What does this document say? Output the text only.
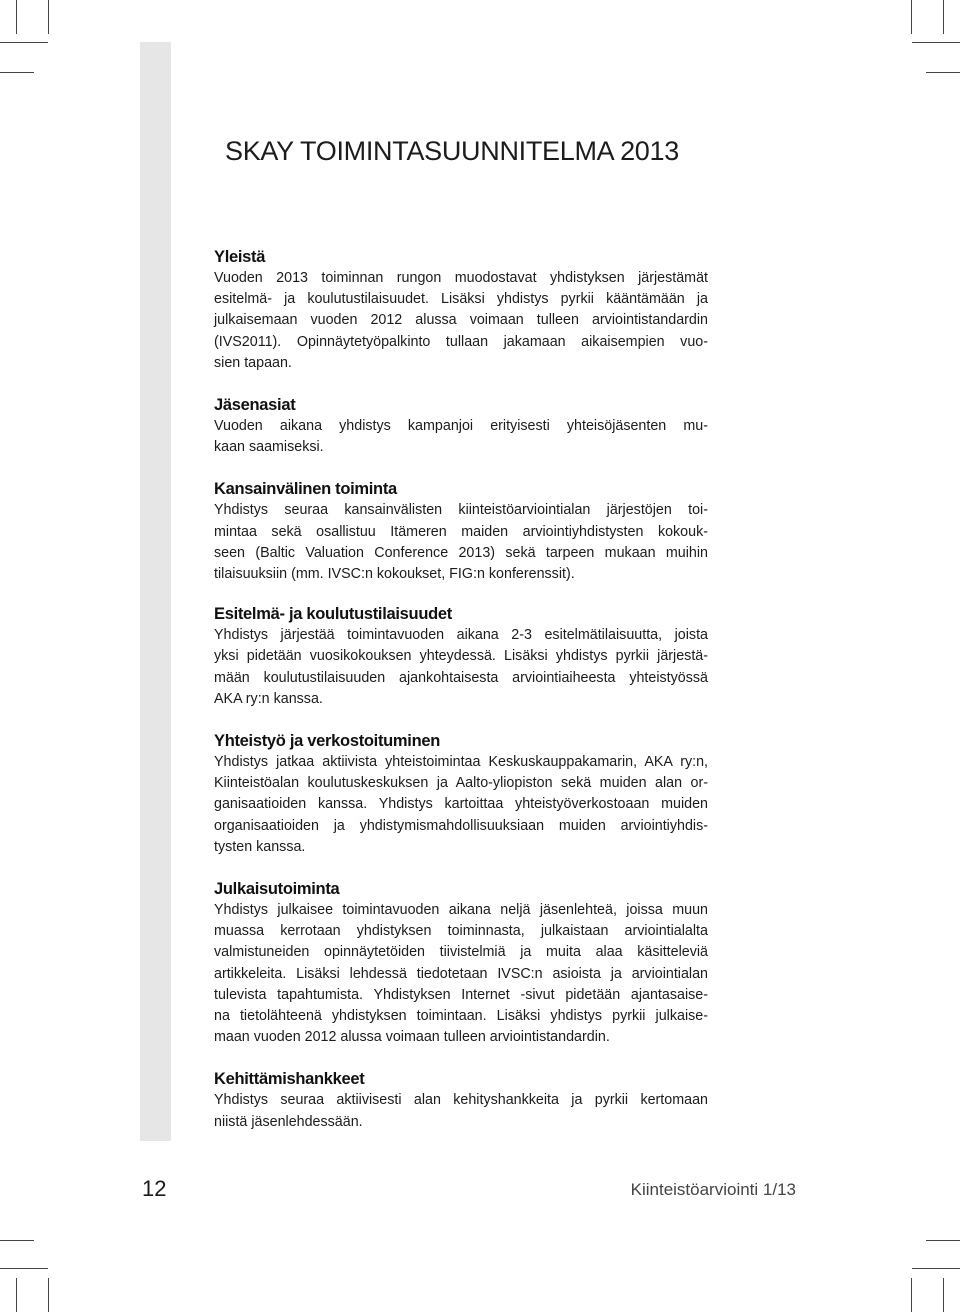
SKAY TOIMINTASUUNNITELMA 2013
Yleistä
Vuoden 2013 toiminnan rungon muodostavat yhdistyksen järjestämät
esitelmä- ja koulutustilaisuudet. Lisäksi yhdistys pyrkii kääntämään ja
julkaisemaan vuoden 2012 alussa voimaan tulleen arviointistandardin
(IVS2011). Opinnäytetyöpalkinto tullaan jakamaan aikaisempien vuo-
sien tapaan.
Jäsenasiat
Vuoden aikana yhdistys kampanjoi erityisesti yhteisöjäsenten mu-
kaan saamiseksi.
Kansainvälinen toiminta
Yhdistys seuraa kansainvälisten kiinteistöarviointialan järjestöjen toi-
mintaa sekä osallistuu Itämeren maiden arviointiyhdistysten kokouk-
seen (Baltic Valuation Conference 2013) sekä tarpeen mukaan muihin
tilaisuuksiin (mm. IVSC:n kokoukset, FIG:n konferenssit).
Esitelmä- ja koulutustilaisuudet
Yhdistys järjestää toimintavuoden aikana 2-3 esitelmätilaisuutta, joista
yksi pidetään vuosikokouksen yhteydessä. Lisäksi yhdistys pyrkii järjestä-
mään koulutustilaisuuden ajankohtaisesta arviointiaiheesta yhteistyössä
AKA ry:n kanssa.
Yhteistyö ja verkostoituminen
Yhdistys jatkaa aktiivista yhteistoimintaa Keskuskauppakamarin, AKA ry:n,
Kiinteistöalan koulutuskeskuksen ja Aalto-yliopiston sekä muiden alan or-
ganisaatioiden kanssa. Yhdistys kartoittaa yhteistyöverkostoaan muiden
organisaatioiden ja yhdistymismahdollisuuksiaan muiden arviointiyhdis-
tysten kanssa.
Julkaisutoiminta
Yhdistys julkaisee toimintavuoden aikana neljä jäsenlehteä, joissa muun
muassa kerrotaan yhdistyksen toiminnasta, julkaistaan arviointialalta
valmistuneiden opinnäytetöiden tiivistelmiä ja muita alaa käsitteleviä
artikkeleita. Lisäksi lehdessä tiedotetaan IVSC:n asioista ja arviointialan
tulevista tapahtumista. Yhdistyksen Internet -sivut pidetään ajantasaise-
na tietolähteenä yhdistyksen toimintaan. Lisäksi yhdistys pyrkii julkaise-
maan vuoden 2012 alussa voimaan tulleen arviointistandardin.
Kehittämishankkeet
Yhdistys seuraa aktiivisesti alan kehityshankkeita ja pyrkii kertomaan
niistä jäsenlehdessään.
12	Kiinteistöarviointi 1/13
